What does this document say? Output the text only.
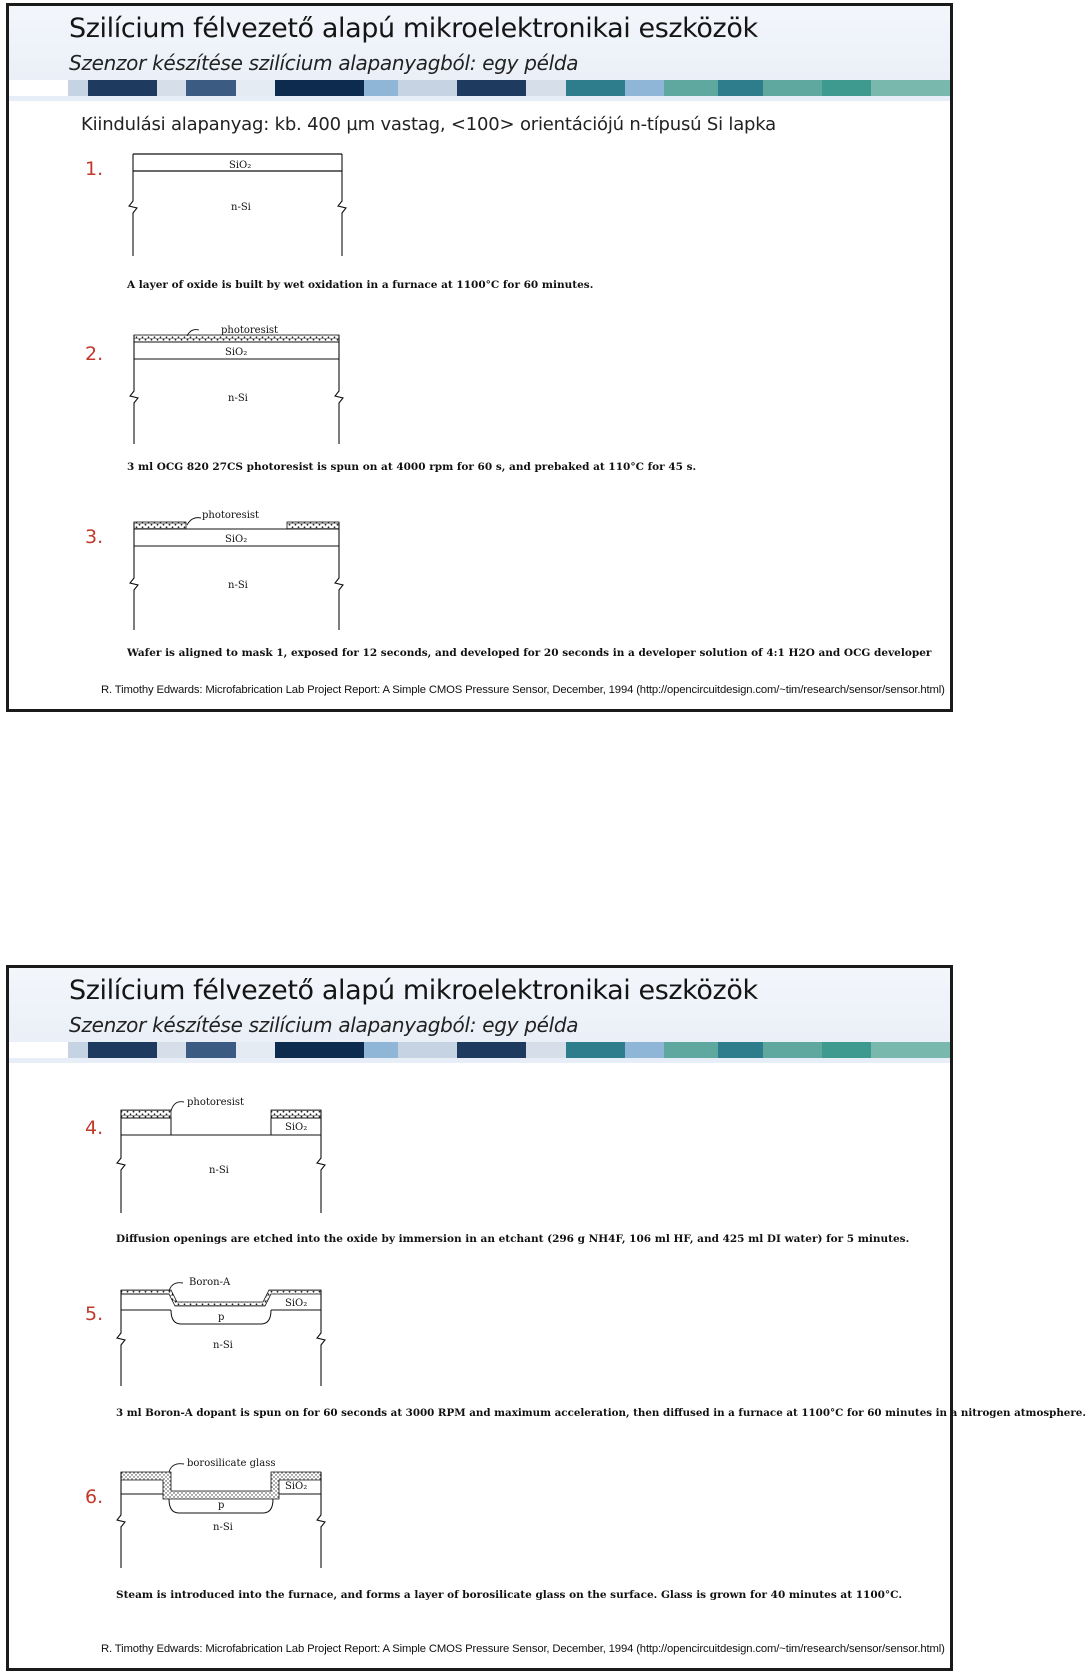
Szilícium félvezető alapú mikroelektronikai eszközök
Szenzor készítése szilícium alapanyagból: egy példa
Kiindulási alapanyag: kb. 400 µm vastag, <100> orientációjú n-típusú Si lapka
1.
2.
3.
SiO₂
n-Si
photoresist
SiO₂
n-Si
photoresist
SiO₂
n-Si
A layer of oxide is built by wet oxidation in a furnace at 1100°C for 60 minutes.
3 ml OCG 820 27CS photoresist is spun on at 4000 rpm for 60 s, and prebaked at 110°C for 45 s.
Wafer is aligned to mask 1, exposed for 12 seconds, and developed for 20 seconds in a developer solution of 4:1 H2O and OCG developer
R. Timothy Edwards: Microfabrication Lab Project Report: A Simple CMOS Pressure Sensor, December, 1994 (http://opencircuitdesign.com/~tim/research/sensor/sensor.html)
Szilícium félvezető alapú mikroelektronikai eszközök
Szenzor készítése szilícium alapanyagból: egy példa
4.
5.
6.
photoresist
SiO₂
n-Si
Boron-A
SiO₂
p
n-Si
borosilicate glass
SiO₂
p
n-Si
Diffusion openings are etched into the oxide by immersion in an etchant (296 g NH4F, 106 ml HF, and 425 ml DI water) for 5 minutes.
3 ml Boron-A dopant is spun on for 60 seconds at 3000 RPM and maximum acceleration, then diffused in a furnace at 1100°C for 60 minutes in a nitrogen atmosphere.
Steam is introduced into the furnace, and forms a layer of borosilicate glass on the surface. Glass is grown for 40 minutes at 1100°C.
R. Timothy Edwards: Microfabrication Lab Project Report: A Simple CMOS Pressure Sensor, December, 1994 (http://opencircuitdesign.com/~tim/research/sensor/sensor.html)
